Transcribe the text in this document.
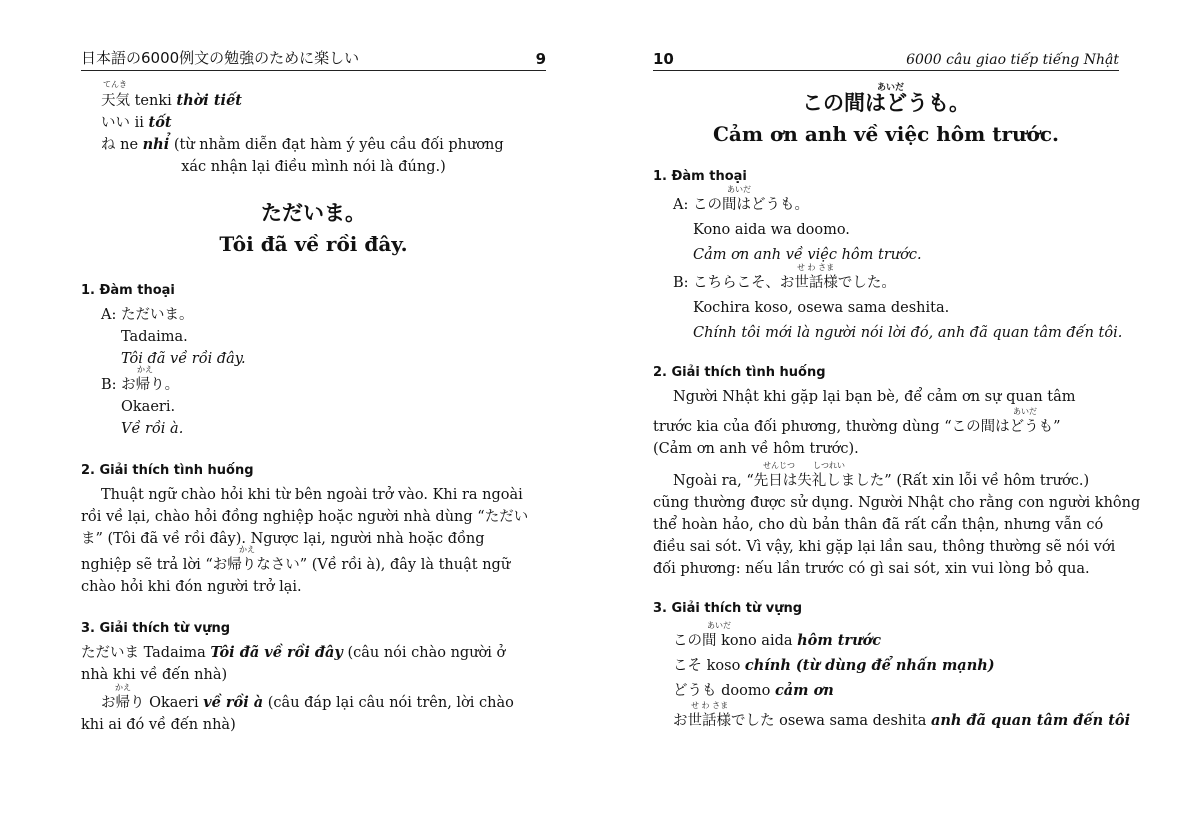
日本語の6000例文の勉強のために楽しい	9
てんき
天気 tenki thời tiết
いい ii tốt
ね ne nhỉ (từ nhằm diễn đạt hàm ý yêu cầu đối phương
xác nhận lại điều mình nói là đúng.)
ただいま。
Tôi đã về rồi đây.
1. Đàm thoại
A: ただいま。
Tadaima.
Tôi đã về rồi đây.
かえ
B: お帰り。
Okaeri.
Về rồi à.
2. Giải thích tình huống
Thuật ngữ chào hỏi khi từ bên ngoài trở vào. Khi ra ngoài
rồi về lại, chào hỏi đồng nghiệp hoặc người nhà dùng “ただい
ま” (Tôi đã về rồi đây). Ngược lại, người nhà hoặc đồng
かえ
nghiệp sẽ trả lời “お帰りなさい” (Về rồi à), đây là thuật ngữ
chào hỏi khi đón người trở lại.
3. Giải thích từ vựng
ただいま Tadaima Tôi đã về rồi đây (câu nói chào người ở
nhà khi về đến nhà)
かえ
お帰り Okaeri về rồi à (câu đáp lại câu nói trên, lời chào
khi ai đó về đến nhà)
10	6000 câu giao tiếp tiếng Nhật
あいだ
この間はどうも。
Cảm ơn anh về việc hôm trước.
1. Đàm thoại
あいだ
A: この間はどうも。
Kono aida wa doomo.
Cảm ơn anh về việc hôm trước.
せ わ さま
B: こちらこそ、お世話様でした。
Kochira koso, osewa sama deshita.
Chính tôi mới là người nói lời đó, anh đã quan tâm đến tôi.
2. Giải thích tình huống
Người Nhật khi gặp lại bạn bè, để cảm ơn sự quan tâm
あいだ
trước kia của đối phương, thường dùng “この間はどうも”
(Cảm ơn anh về hôm trước).
せんじつ しつれい
Ngoài ra, “先日は失礼しました” (Rất xin lỗi về hôm trước.)
cũng thường được sử dụng. Người Nhật cho rằng con người không
thể hoàn hảo, cho dù bản thân đã rất cẩn thận, nhưng vẫn có
điều sai sót. Vì vậy, khi gặp lại lần sau, thông thường sẽ nói với
đối phương: nếu lần trước có gì sai sót, xin vui lòng bỏ qua.
3. Giải thích từ vựng
あいだ
この間 kono aida hôm trước
こそ koso chính (từ dùng để nhấn mạnh)
どうも doomo cảm ơn
せ わ さま
お世話様でした osewa sama deshita anh đã quan tâm đến tôi
